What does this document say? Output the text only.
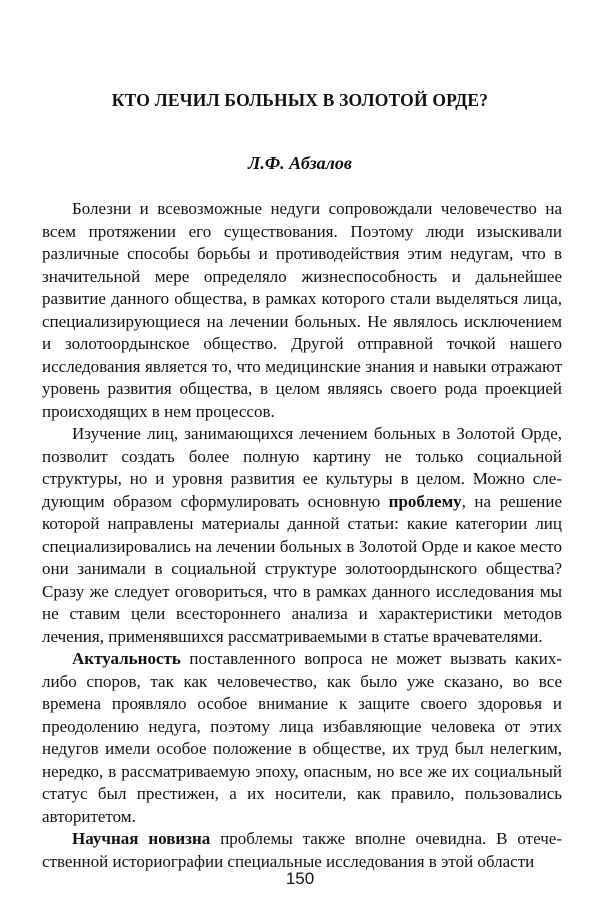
КТО ЛЕЧИЛ БОЛЬНЫХ В ЗОЛОТОЙ ОРДЕ?
Л.Ф. Абзалов

Болезни и всевозможные недуги сопровождали человечество на всем протяжении его существования. Поэтому люди изыскивали различные способы борьбы и противодействия этим недугам, что в значительной мере определяло жизнеспособность и дальнейшее развитие данного общества, в рамках которого стали выделяться лица, специализирующиеся на лечении больных. Не являлось исключением и золотоордынское общество. Другой отправной точкой нашего исследования является то, что медицинские знания и навыки отражают уровень развития общества, в целом являясь своего рода проекцией происходящих в нем процессов.

Изучение лиц, занимающихся лечением больных в Золотой Орде, позволит создать более полную картину не только социальной структуры, но и уровня развития ее культуры в целом. Можно следующим образом сформулировать основную проблему, на решение которой направлены материалы данной статьи: какие категории лиц специализировались на лечении больных в Золотой Орде и какое место они занимали в социальной структуре золотоордынского общества? Сразу же следует оговориться, что в рамках данного исследования мы не ставим цели всестороннего анализа и характеристики методов лечения, применявшихся рассматриваемыми в статье врачевателями.

Актуальность поставленного вопроса не может вызвать какихлибо споров, так как человечество, как было уже сказано, во все времена проявляло особое внимание к защите своего здоровья и преодолению недуга, поэтому лица избавляющие человека от этих недугов имели особое положение в обществе, их труд был нелегким, нередко, в рассматриваемую эпоху, опасным, но все же их социальный статус был престижен, а их носители, как правило, пользовались авторитетом.

Научная новизна проблемы также вполне очевидна. В отечественной историографии специальные исследования в этой области

150
